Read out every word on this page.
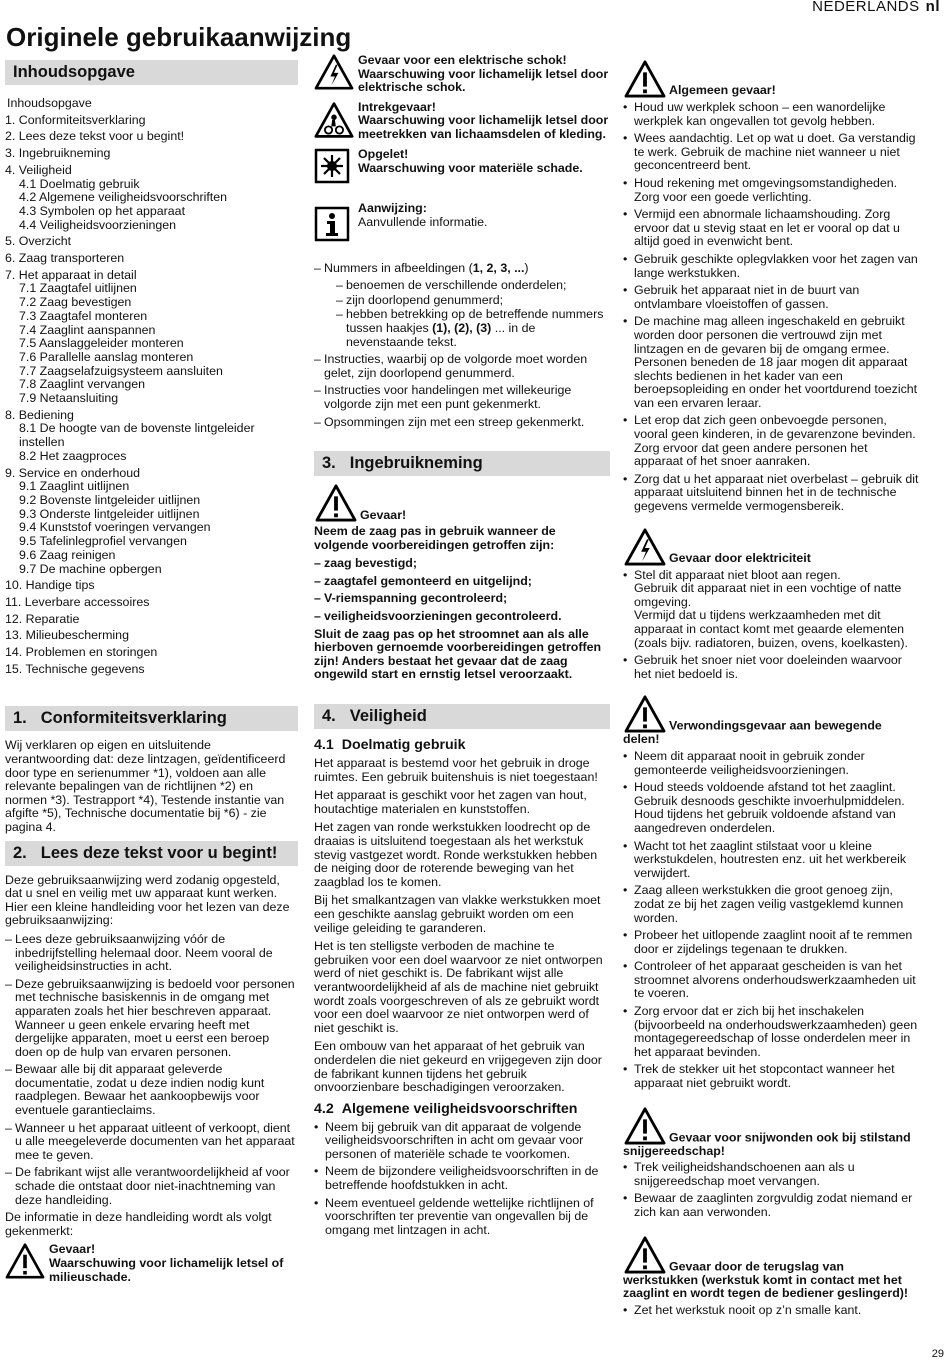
NEDERLANDS nl
Originele gebruikaanwijzing
Inhoudsopgave
Inhoudsopgave
1. Conformiteitsverklaring
2. Lees deze tekst voor u begint!
3. Ingebruikneming
4. Veiligheid
4.1 Doelmatig gebruik
4.2 Algemene veiligheidsvoorschriften
4.3 Symbolen op het apparaat
4.4 Veiligheidsvoorzieningen
5. Overzicht
6. Zaag transporteren
7. Het apparaat in detail
7.1 Zaagtafel uitlijnen
7.2 Zaag bevestigen
7.3 Zaagtafel monteren
7.4 Zaaglint aanspannen
7.5 Aanslaggeleider monteren
7.6 Parallelle aanslag monteren
7.7 Zaagselafzuigsysteem aansluiten
7.8 Zaaglint vervangen
7.9 Netaansluiting
8. Bediening
8.1 De hoogte van de bovenste lintgeleider instellen
8.2 Het zaagproces
9. Service en onderhoud
9.1 Zaaglint uitlijnen
9.2 Bovenste lintgeleider uitlijnen
9.3 Onderste lintgeleider uitlijnen
9.4 Kunststof voeringen vervangen
9.5 Tafelinlegprofiel vervangen
9.6 Zaag reinigen
9.7 De machine opbergen
10. Handige tips
11. Leverbare accessoires
12. Reparatie
13. Milieubescherming
14. Problemen en storingen
15. Technische gegevens
1. Conformiteitsverklaring

Wij verklaren op eigen en uitsluitende verantwoording dat: deze lintzagen, geïdentificeerd door type en serienummer *1), voldoen aan alle relevante bepalingen van de richtlijnen *2) en normen *3). Testrapport *4), Testende instantie van afgifte *5), Technische documentatie bij *6) - zie pagina 4.

2. Lees deze tekst voor u begint!

Deze gebruiksaanwijzing werd zodanig opgesteld, dat u snel en veilig met uw apparaat kunt werken. Hier een kleine handleiding voor het lezen van deze gebruiksaanwijzing:

– Lees deze gebruiksaanwijzing vóór de inbedrijfstelling helemaal door. Neem vooral de veiligheidsinstructies in acht.
– Deze gebruiksaanwijzing is bedoeld voor personen met technische basiskennis in de omgang met apparaten zoals het hier beschreven apparaat. Wanneer u geen enkele ervaring heeft met dergelijke apparaten, moet u eerst een beroep doen op de hulp van ervaren personen.
– Bewaar alle bij dit apparaat geleverde documentatie, zodat u deze indien nodig kunt raadplegen. Bewaar het aankoopbewijs voor eventuele garantieclaims.
– Wanneer u het apparaat uitleent of verkoopt, dient u alle meegeleverde documenten van het apparaat mee te geven.
– De fabrikant wijst alle verantwoordelijkheid af voor schade die ontstaat door niet-inachtneming van deze handleiding.

De informatie in deze handleiding wordt als volgt gekenmerkt:

Gevaar!
Waarschuwing voor lichamelijk letsel of milieuschade.
Gevaar voor een elektrische schok!
Waarschuwing voor lichamelijk letsel door elektrische schok.
Intrekgevaar!
Waarschuwing voor lichamelijk letsel door meetrekken van lichaamsdelen of kleding.
Opgelet!
Waarschuwing voor materiële schade.
Aanwijzing:
Aanvullende informatie.
– Nummers in afbeeldingen (1, 2, 3, ...)
– benoemen de verschillende onderdelen;
– zijn doorlopend genummerd;
– hebben betrekking op de betreffende nummers tussen haakjes (1), (2), (3) ... in de nevenstaande tekst.
– Instructies, waarbij op de volgorde moet worden gelet, zijn doorlopend genummerd.
– Instructies voor handelingen met willekeurige volgorde zijn met een punt gekenmerkt.
– Opsommingen zijn met een streep gekenmerkt.
3. Ingebruikneming
Gevaar!

Neem de zaag pas in gebruik wanneer de volgende voorbereidingen getroffen zijn:

– zaag bevestigd;
– zaagtafel gemonteerd en uitgelijnd;
– V-riemspanning gecontroleerd;
– veiligheidsvoorzieningen gecontroleerd.

Sluit de zaag pas op het stroomnet aan als alle hierboven gernoemde voorbereidingen getroffen zijn! Anders bestaat het gevaar dat de zaag ongewild start en ernstig letsel veroorzaakt.

4. Veiligheid
4.1 Doelmatig gebruik

Het apparaat is bestemd voor het gebruik in droge ruimtes. Een gebruik buitenshuis is niet toegestaan!

Het apparaat is geschikt voor het zagen van hout, houtachtige materialen en kunststoffen.

Het zagen van ronde werkstukken loodrecht op de draaias is uitsluitend toegestaan als het werkstuk stevig vastgezet wordt. Ronde werkstukken hebben de neiging door de roterende beweging van het zaagblad los te komen.

Bij het smalkantzagen van vlakke werkstukken moet een geschikte aanslag gebruikt worden om een veilige geleiding te garanderen.

Het is ten stelligste verboden de machine te gebruiken voor een doel waarvoor ze niet ontworpen werd of niet geschikt is. De fabrikant wijst alle verantwoordelijkheid af als de machine niet gebruikt wordt zoals voorgeschreven of als ze gebruikt wordt voor een doel waarvoor ze niet ontworpen werd of niet geschikt is.

Een ombouw van het apparaat of het gebruik van onderdelen die niet gekeurd en vrijgegeven zijn door de fabrikant kunnen tijdens het gebruik onvoorzienbare beschadigingen veroorzaken.

4.2 Algemene veiligheidsvoorschriften
• Neem bij gebruik van dit apparaat de volgende veiligheidsvoorschriften in acht om gevaar voor personen of materiële schade te voorkomen.
• Neem de bijzondere veiligheidsvoorschriften in de betreffende hoofdstukken in acht.
• Neem eventueel geldende wettelijke richtlijnen of voorschriften ter preventie van ongevallen bij de omgang met lintzagen in acht.
Algemeen gevaar!
• Houd uw werkplek schoon – een wanordelijke werkplek kan ongevallen tot gevolg hebben.
• Wees aandachtig. Let op wat u doet. Ga verstandig te werk. Gebruik de machine niet wanneer u niet geconcentreerd bent.
• Houd rekening met omgevingsomstandigheden. Zorg voor een goede verlichting.
• Vermijd een abnormale lichaamshouding. Zorg ervoor dat u stevig staat en let er vooral op dat u altijd goed in evenwicht bent.
• Gebruik geschikte oplegvlakken voor het zagen van lange werkstukken.
• Gebruik het apparaat niet in de buurt van ontvlambare vloeistoffen of gassen.
• De machine mag alleen ingeschakeld en gebruikt worden door personen die vertrouwd zijn met lintzagen en de gevaren bij de omgang ermee.
Personen beneden de 18 jaar mogen dit apparaat slechts bedienen in het kader van een beroepsopleiding en onder het voortdurend toezicht van een ervaren leraar.
• Let erop dat zich geen onbevoegde personen, vooral geen kinderen, in de gevarenzone bevinden. Zorg ervoor dat geen andere personen het apparaat of het snoer aanraken.
• Zorg dat u het apparaat niet overbelast – gebruik dit apparaat uitsluitend binnen het in de technische gegevens vermelde vermogensbereik.
Gevaar door elektriciteit
• Stel dit apparaat niet bloot aan regen.
Gebruik dit apparaat niet in een vochtige of natte omgeving.
Vermijd dat u tijdens werkzaamheden met dit apparaat in contact komt met geaarde elementen (zoals bijv. radiatoren, buizen, ovens, koelkasten).
• Gebruik het snoer niet voor doeleinden waarvoor het niet bedoeld is.
Verwondingsgevaar aan bewegende delen!
• Neem dit apparaat nooit in gebruik zonder gemonteerde veiligheidsvoorzieningen.
• Houd steeds voldoende afstand tot het zaaglint. Gebruik desnoods geschikte invoerhulpmiddelen. Houd tijdens het gebruik voldoende afstand van aangedreven onderdelen.
• Wacht tot het zaaglint stilstaat voor u kleine werkstukdelen, houtresten enz. uit het werkbereik verwijdert.
• Zaag alleen werkstukken die groot genoeg zijn, zodat ze bij het zagen veilig vastgeklemd kunnen worden.
• Probeer het uitlopende zaaglint nooit af te remmen door er zijdelings tegenaan te drukken.
• Controleer of het apparaat gescheiden is van het stroomnet alvorens onderhoudswerkzaamheden uit te voeren.
• Zorg ervoor dat er zich bij het inschakelen (bijvoorbeeld na onderhoudswerkzaamheden) geen montagegereedschap of losse onderdelen meer in het apparaat bevinden.
• Trek de stekker uit het stopcontact wanneer het apparaat niet gebruikt wordt.
Gevaar voor snijwonden ook bij stilstand snijgereedschap!
• Trek veiligheidshandschoenen aan als u snijgereedschap moet vervangen.
• Bewaar de zaaglinten zorgvuldig zodat niemand er zich kan aan verwonden.
Gevaar door de terugslag van werkstukken (werkstuk komt in contact met het zaaglint en wordt tegen de bediener geslingerd)!
• Zet het werkstuk nooit op z’n smalle kant.
29
